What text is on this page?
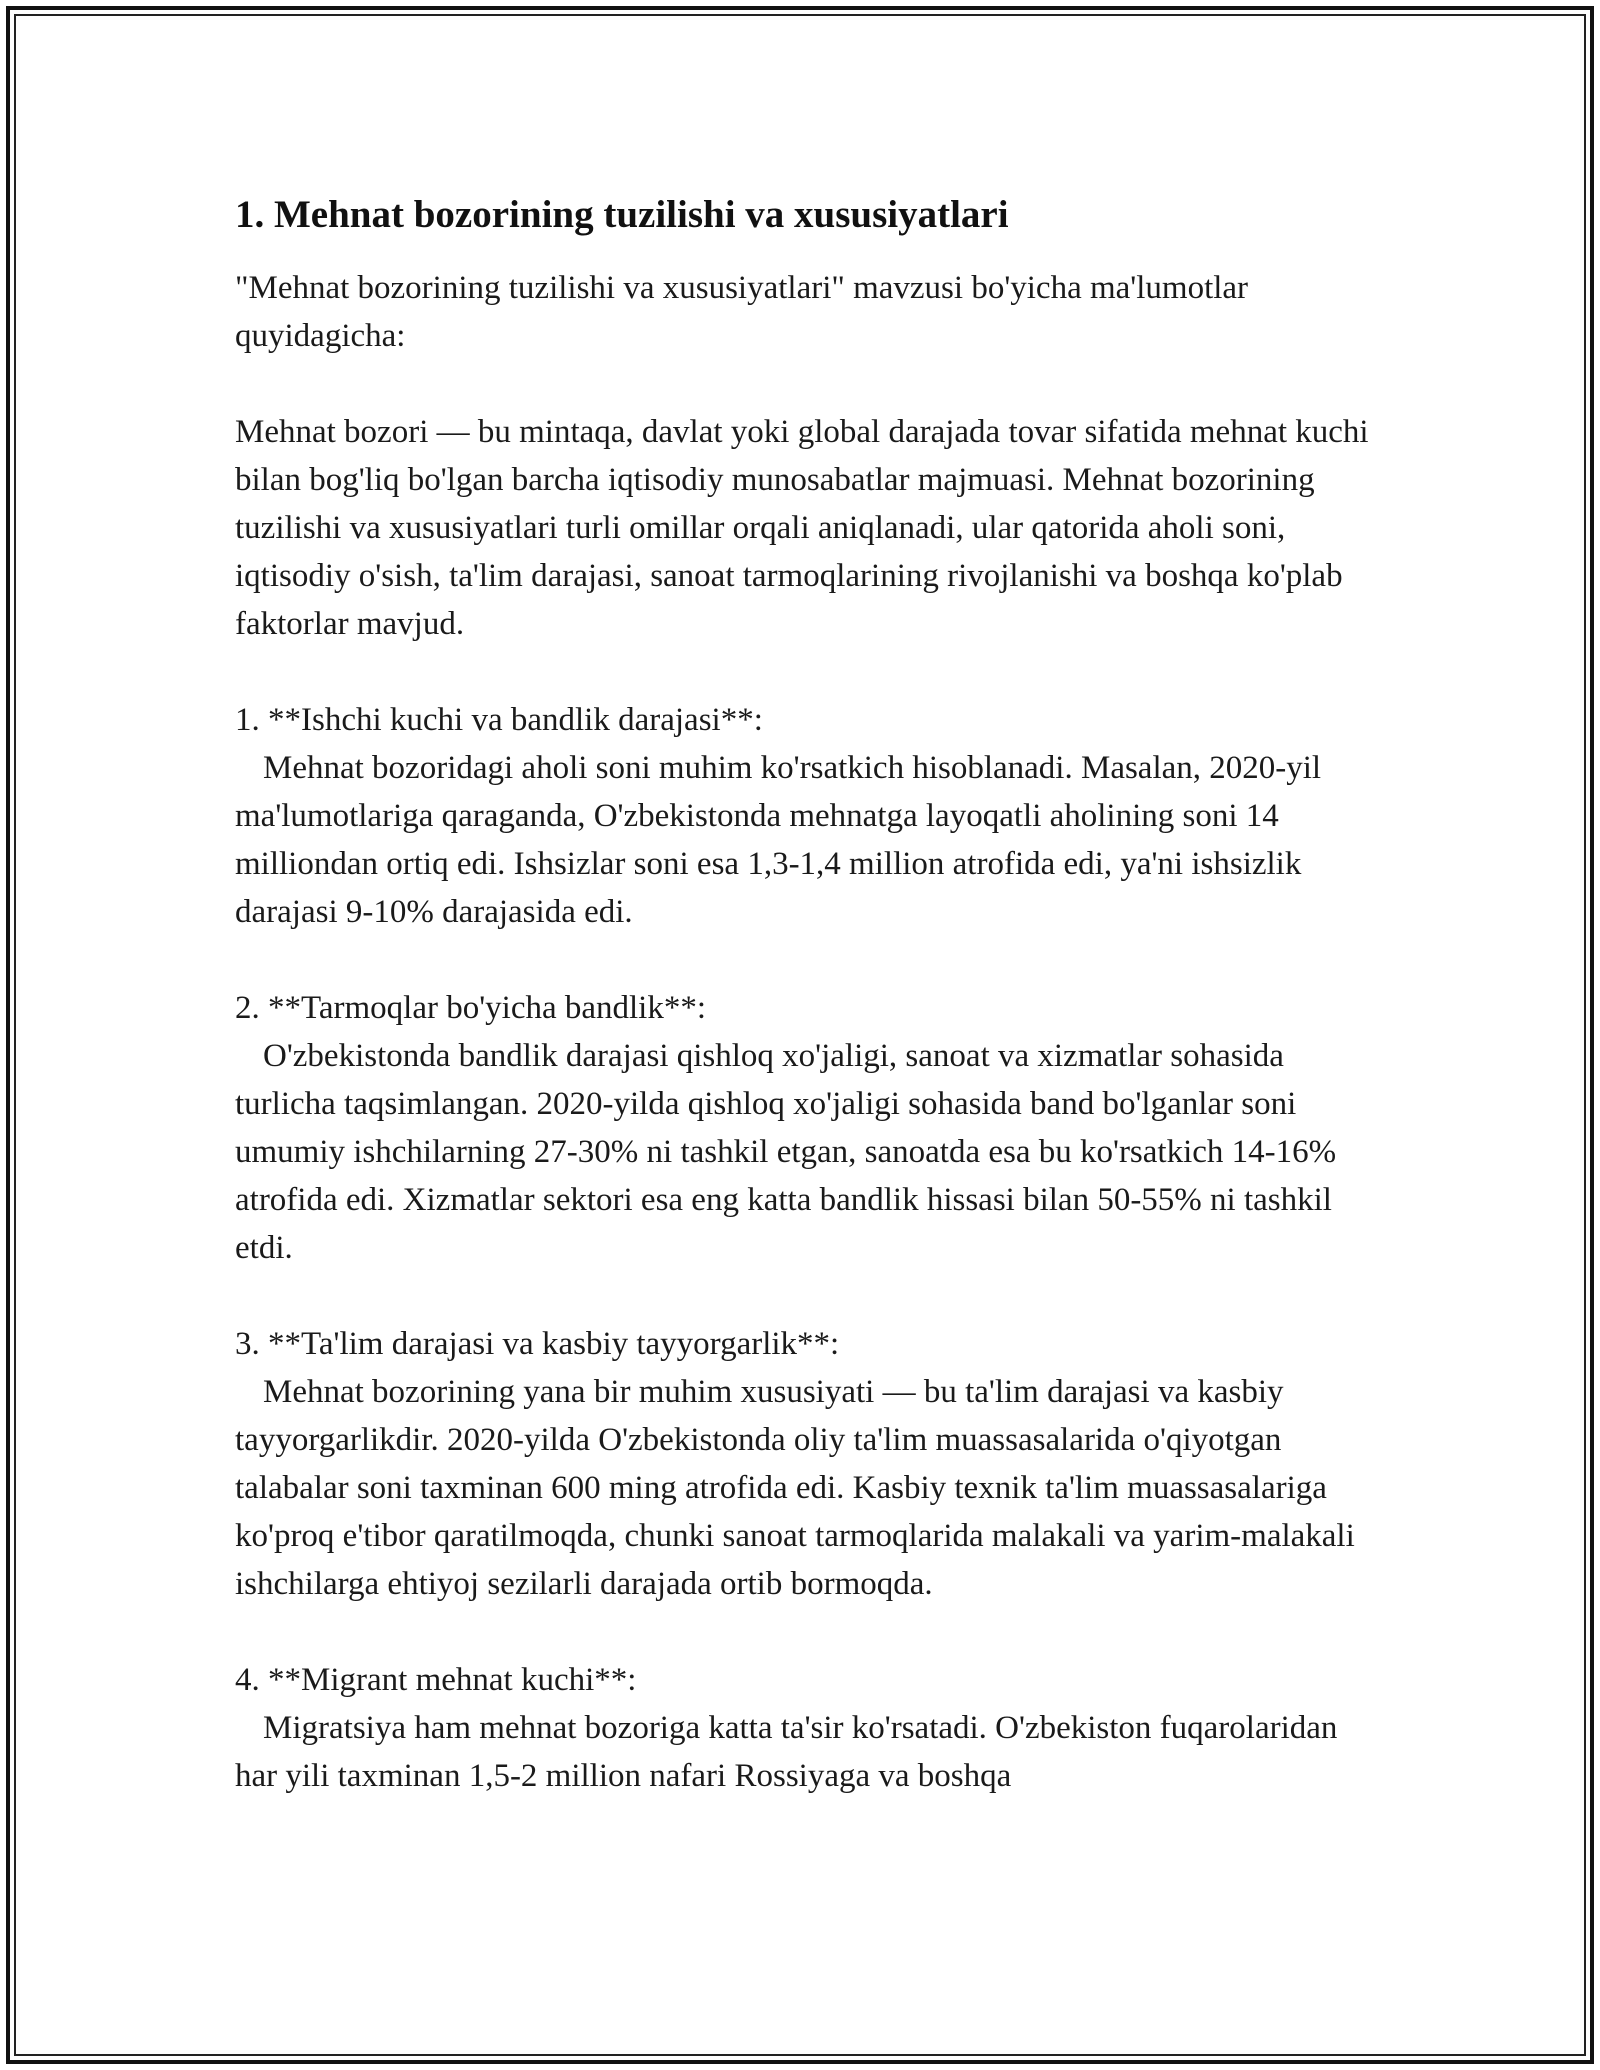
1. Mehnat bozorining tuzilishi va xususiyatlari

"Mehnat bozorining tuzilishi va xususiyatlari" mavzusi bo'yicha ma'lumotlar quyidagicha:

Mehnat bozori — bu mintaqa, davlat yoki global darajada tovar sifatida mehnat kuchi bilan bog'liq bo'lgan barcha iqtisodiy munosabatlar majmuasi. Mehnat bozorining tuzilishi va xususiyatlari turli omillar orqali aniqlanadi, ular qatorida aholi soni, iqtisodiy o'sish, ta'lim darajasi, sanoat tarmoqlarining rivojlanishi va boshqa ko'plab faktorlar mavjud.

1. **Ishchi kuchi va bandlik darajasi**:

Mehnat bozoridagi aholi soni muhim ko'rsatkich hisoblanadi. Masalan, 2020-yil ma'lumotlariga qaraganda, O'zbekistonda mehnatga layoqatli aholining soni 14 milliondan ortiq edi. Ishsizlar soni esa 1,3-1,4 million atrofida edi, ya'ni ishsizlik darajasi 9-10% darajasida edi.

2. **Tarmoqlar bo'yicha bandlik**:

O'zbekistonda bandlik darajasi qishloq xo'jaligi, sanoat va xizmatlar sohasida turlicha taqsimlangan. 2020-yilda qishloq xo'jaligi sohasida band bo'lganlar soni umumiy ishchilarning 27-30% ni tashkil etgan, sanoatda esa bu ko'rsatkich 14-16% atrofida edi. Xizmatlar sektori esa eng katta bandlik hissasi bilan 50-55% ni tashkil etdi.

3. **Ta'lim darajasi va kasbiy tayyorgarlik**:

Mehnat bozorining yana bir muhim xususiyati — bu ta'lim darajasi va kasbiy tayyorgarlikdir. 2020-yilda O'zbekistonda oliy ta'lim muassasalarida o'qiyotgan talabalar soni taxminan 600 ming atrofida edi. Kasbiy texnik ta'lim muassasalariga ko'proq e'tibor qaratilmoqda, chunki sanoat tarmoqlarida malakali va yarim-malakali ishchilarga ehtiyoj sezilarli darajada ortib bormoqda.

4. **Migrant mehnat kuchi**:

Migratsiya ham mehnat bozoriga katta ta'sir ko'rsatadi. O'zbekiston fuqarolaridan har yili taxminan 1,5-2 million nafari Rossiyaga va boshqa
